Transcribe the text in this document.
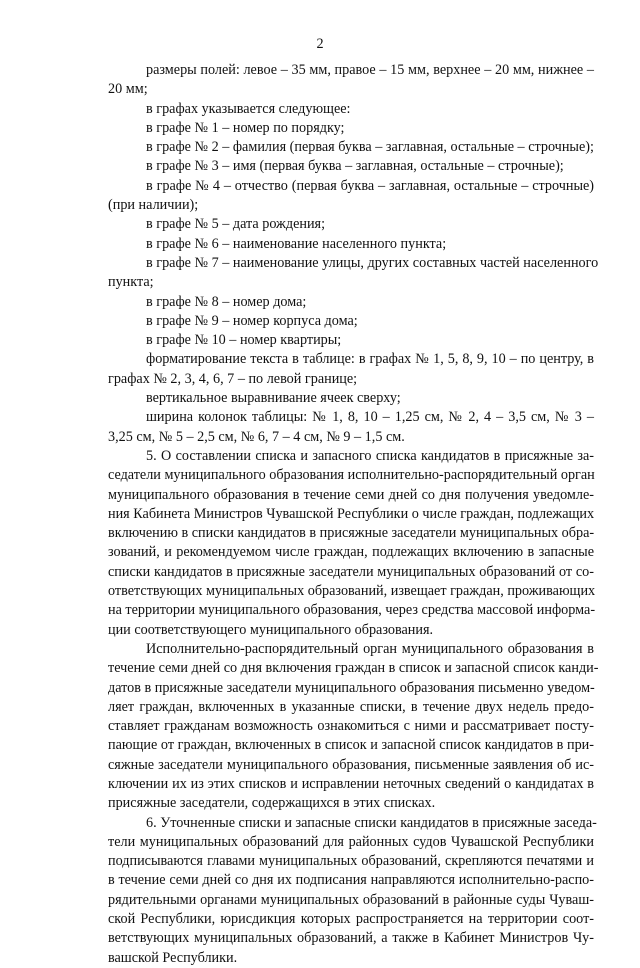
2
размеры полей: левое – 35 мм, правое – 15 мм, верхнее – 20 мм, нижнее –
20 мм;
в графах указывается следующее:
в графе № 1 – номер по порядку;
в графе № 2 – фамилия (первая буква – заглавная, остальные – строчные);
в графе № 3 – имя (первая буква – заглавная, остальные – строчные);
в графе № 4 – отчество (первая буква – заглавная, остальные – строчные)
(при наличии);
в графе № 5 – дата рождения;
в графе № 6 – наименование населенного пункта;
в графе № 7 – наименование улицы, других составных частей населенного
пункта;
в графе № 8 – номер дома;
в графе № 9 – номер корпуса дома;
в графе № 10 – номер квартиры;
форматирование текста в таблице: в графах № 1, 5, 8, 9, 10 – по центру, в
графах № 2, 3, 4, 6, 7 – по левой границе;
вертикальное выравнивание ячеек сверху;
ширина колонок таблицы: № 1, 8, 10 – 1,25 см, № 2, 4 – 3,5 см, № 3 –
3,25 см, № 5 – 2,5 см, № 6, 7 – 4 см, № 9 – 1,5 см.
5. О составлении списка и запасного списка кандидатов в присяжные за-
седатели муниципального образования исполнительно-распорядительный орган
муниципального образования в течение семи дней со дня получения уведомле-
ния Кабинета Министров Чувашской Республики о числе граждан, подлежащих
включению в списки кандидатов в присяжные заседатели муниципальных обра-
зований, и рекомендуемом числе граждан, подлежащих включению в запасные
списки кандидатов в присяжные заседатели муниципальных образований от со-
ответствующих муниципальных образований, извещает граждан, проживающих
на территории муниципального образования, через средства массовой информа-
ции соответствующего муниципального образования.
Исполнительно-распорядительный орган муниципального образования в
течение семи дней со дня включения граждан в список и запасной список канди-
датов в присяжные заседатели муниципального образования письменно уведом-
ляет граждан, включенных в указанные списки, в течение двух недель предо-
ставляет гражданам возможность ознакомиться с ними и рассматривает посту-
пающие от граждан, включенных в список и запасной список кандидатов в при-
сяжные заседатели муниципального образования, письменные заявления об ис-
ключении их из этих списков и исправлении неточных сведений о кандидатах в
присяжные заседатели, содержащихся в этих списках.
6. Уточненные списки и запасные списки кандидатов в присяжные заседа-
тели муниципальных образований для районных судов Чувашской Республики
подписываются главами муниципальных образований, скрепляются печатями и
в течение семи дней со дня их подписания направляются исполнительно-распо-
рядительными органами муниципальных образований в районные суды Чуваш-
ской Республики, юрисдикция которых распространяется на территории соот-
ветствующих муниципальных образований, а также в Кабинет Министров Чу-
вашской Республики.
